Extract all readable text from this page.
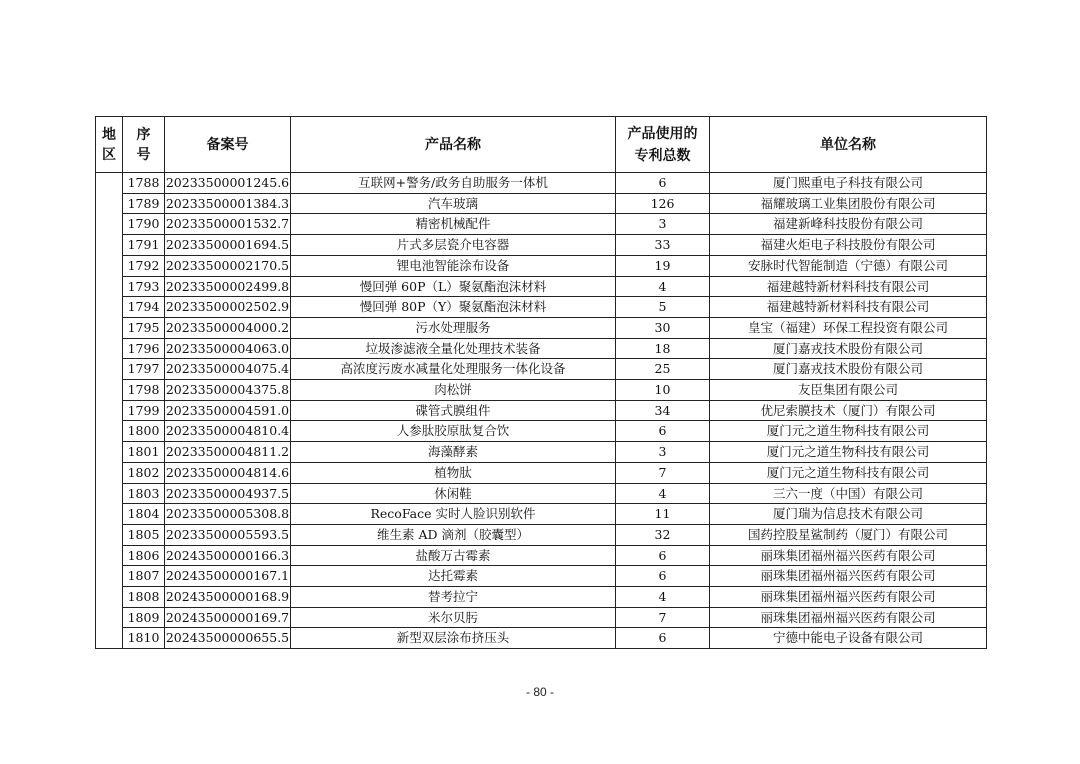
地区	序号	备案号	产品名称	产品使用的专利总数	单位名称
	1788	20233500001245.6	互联网+警务/政务自助服务一体机	6	厦门熙重电子科技有限公司
	1789	20233500001384.3	汽车玻璃	126	福耀玻璃工业集团股份有限公司
	1790	20233500001532.7	精密机械配件	3	福建新峰科技股份有限公司
	1791	20233500001694.5	片式多层瓷介电容器	33	福建火炬电子科技股份有限公司
	1792	20233500002170.5	锂电池智能涂布设备	19	安脉时代智能制造（宁德）有限公司
	1793	20233500002499.8	慢回弹 60P（L）聚氨酯泡沫材料	4	福建越特新材料科技有限公司
	1794	20233500002502.9	慢回弹 80P（Y）聚氨酯泡沫材料	5	福建越特新材料科技有限公司
	1795	20233500004000.2	污水处理服务	30	皇宝（福建）环保工程投资有限公司
	1796	20233500004063.0	垃圾渗滤液全量化处理技术装备	18	厦门嘉戎技术股份有限公司
	1797	20233500004075.4	高浓度污废水减量化处理服务一体化设备	25	厦门嘉戎技术股份有限公司
	1798	20233500004375.8	肉松饼	10	友臣集团有限公司
	1799	20233500004591.0	碟管式膜组件	34	优尼索膜技术（厦门）有限公司
	1800	20233500004810.4	人参肽胶原肽复合饮	6	厦门元之道生物科技有限公司
	1801	20233500004811.2	海藻酵素	3	厦门元之道生物科技有限公司
	1802	20233500004814.6	植物肽	7	厦门元之道生物科技有限公司
	1803	20233500004937.5	休闲鞋	4	三六一度（中国）有限公司
	1804	20233500005308.8	RecoFace 实时人脸识别软件	11	厦门瑞为信息技术有限公司
	1805	20233500005593.5	维生素 AD 滴剂（胶囊型）	32	国药控股星鲨制药（厦门）有限公司
	1806	20243500000166.3	盐酸万古霉素	6	丽珠集团福州福兴医药有限公司
	1807	20243500000167.1	达托霉素	6	丽珠集团福州福兴医药有限公司
	1808	20243500000168.9	替考拉宁	4	丽珠集团福州福兴医药有限公司
	1809	20243500000169.7	米尔贝肟	7	丽珠集团福州福兴医药有限公司
	1810	20243500000655.5	新型双层涂布挤压头	6	宁德中能电子设备有限公司
- 80 -
